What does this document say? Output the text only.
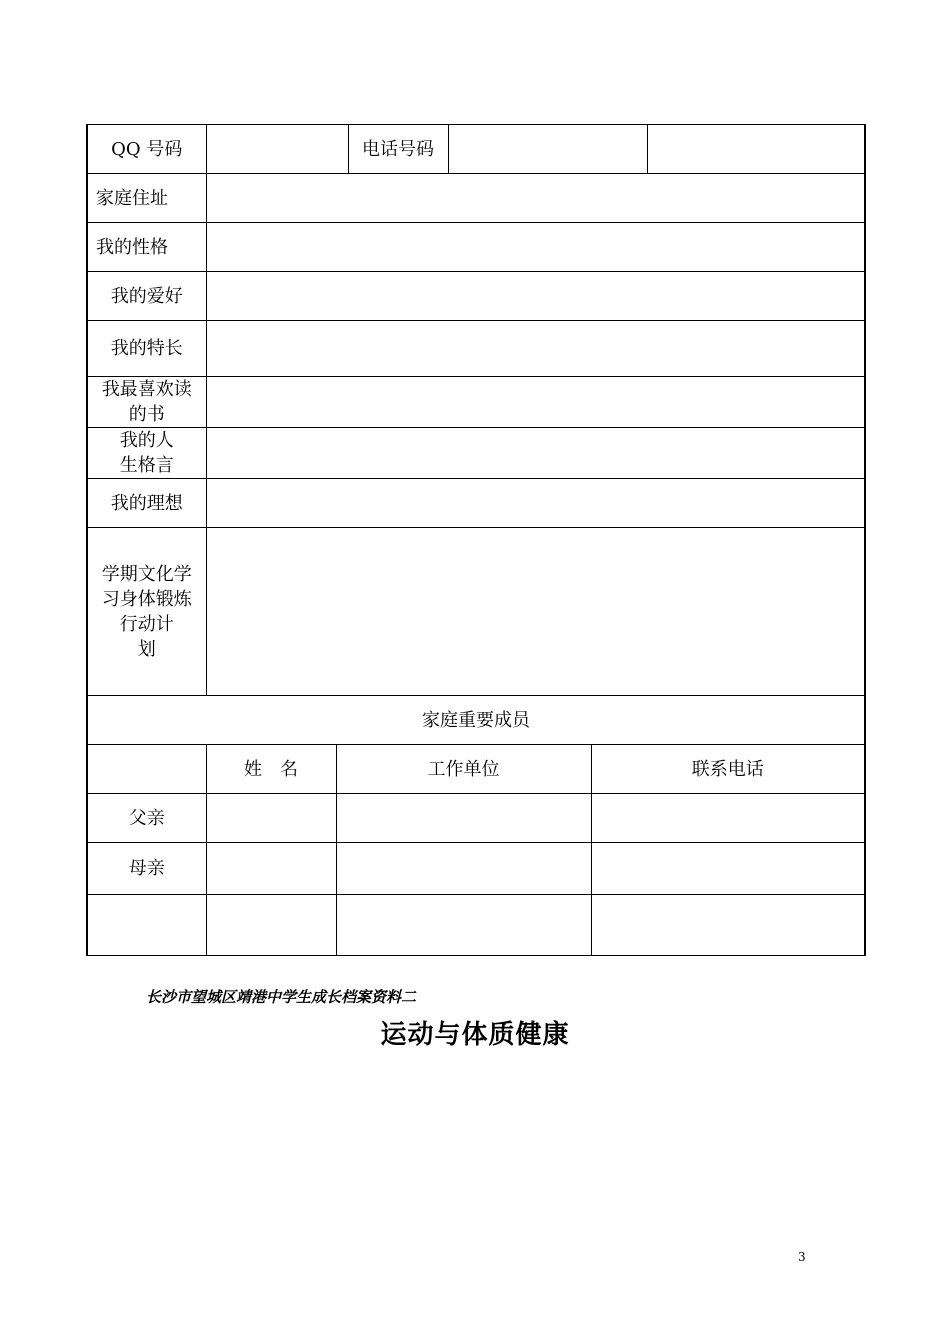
QQ 号码			电话号码			
家庭住址						
我的性格						
我的爱好						
我的特长						

我最喜欢读
的书						

我的人
生格言						

我的理想						

学期文化学
习身体锻炼
行动计
划						

家庭重要成员						
	姓 名	工作单位			联系电话	
父亲						
母亲						

长沙市望城区靖港中学生成长档案资料二
运动与体质健康
3
